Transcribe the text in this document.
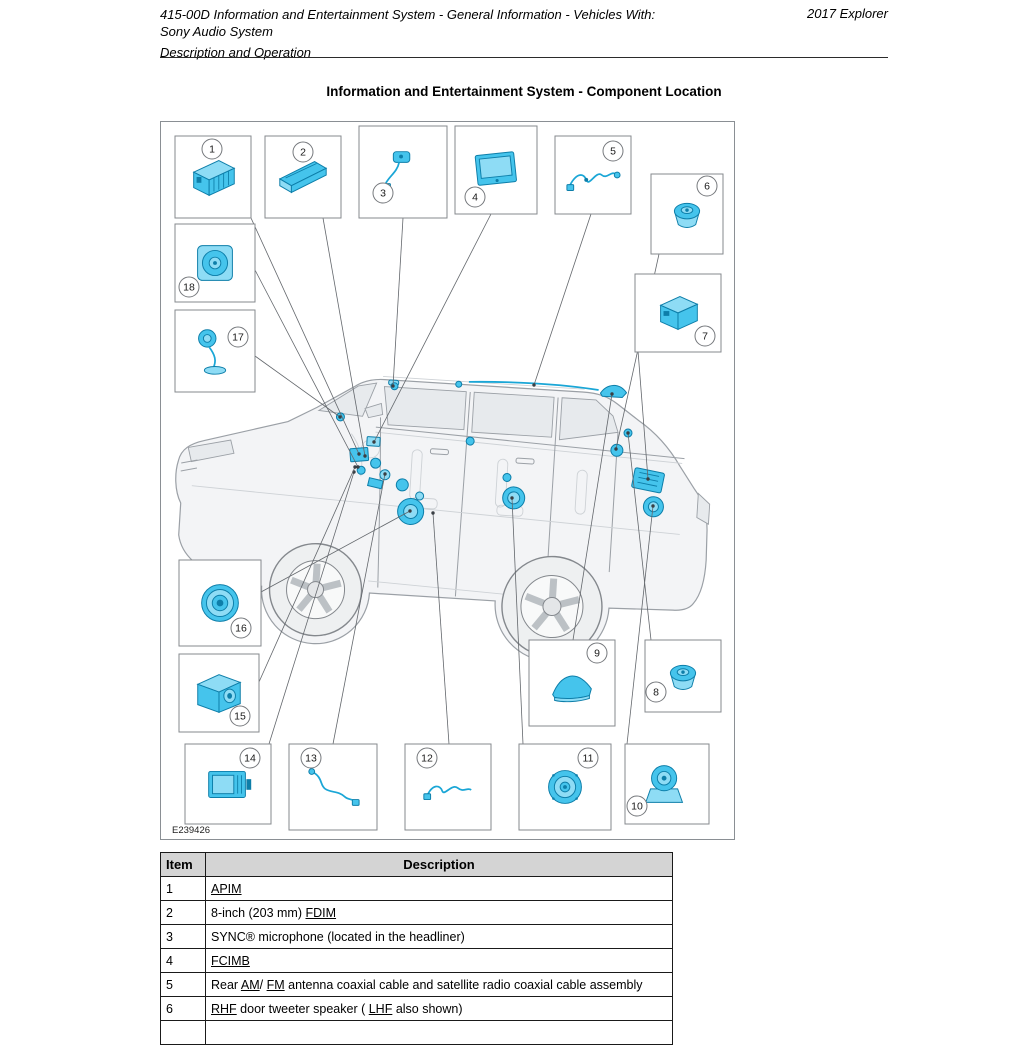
415-00D Information and Entertainment System - General Information - Vehicles With:
Sony Audio System
2017 Explorer
Description and Operation
Information and Entertainment System - Component Location
1	2
3	4
5
6
7
8
9
10
11
12
13
14
15
16
17
18
E239426
Item	Description
1	APIM
2	8-inch (203 mm) FDIM
3	SYNC® microphone (located in the headliner)
4	FCIMB
5	Rear AM/ FM antenna coaxial cable and satellite radio coaxial cable assembly
6	RHF door tweeter speaker ( LHF also shown)
